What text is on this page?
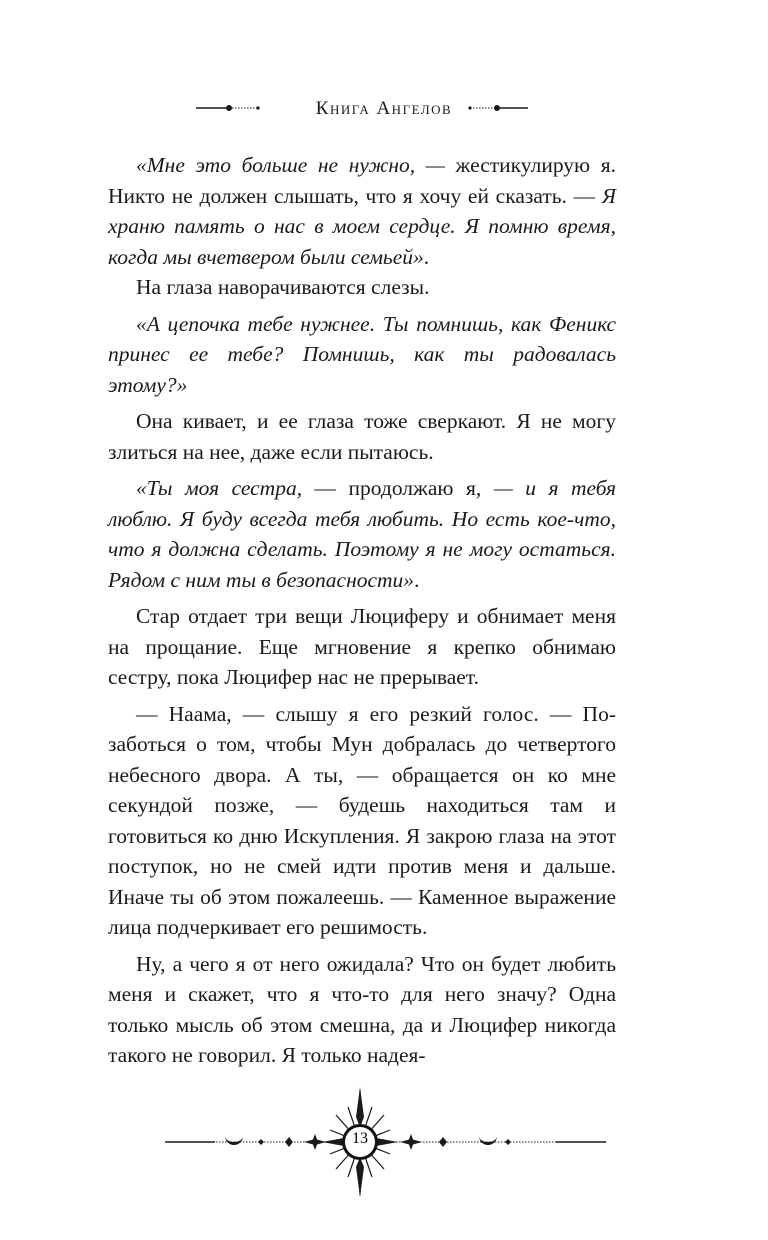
Книга Ангелов

«Мне это больше не нужно, — жестикулирую я. Никто не должен слышать, что я хочу ей сказать. — Я храню память о нас в моем сердце. Я помню время, когда мы вчетвером были семьей».

На глаза наворачиваются слезы.

«А цепочка тебе нужнее. Ты помнишь, как Феникс принес ее тебе? Помнишь, как ты радовалась этому?»

Она кивает, и ее глаза тоже сверкают. Я не могу злиться на нее, даже если пытаюсь.

«Ты моя сестра, — продолжаю я, — и я тебя люблю. Я буду всегда тебя любить. Но есть кое-что, что я должна сделать. Поэтому я не могу остаться. Рядом с ним ты в безопасности».

Стар отдает три вещи Люциферу и обнимает меня на прощание. Еще мгновение я крепко обнимаю сестру, пока Люцифер нас не прерывает.

— Наама, — слышу я его резкий голос. — Позаботься о том, чтобы Мун добралась до четвертого небесного двора. А ты, — обращается он ко мне секундой позже, — будешь находиться там и готовиться ко дню Искупления. Я закрою глаза на этот поступок, но не смей идти против меня и дальше. Иначе ты об этом пожалеешь. — Каменное выражение лица подчеркивает его решимость.

Ну, а чего я от него ожидала? Что он будет любить меня и скажет, что я что-то для него значу? Одна только мысль об этом смешна, да и Люцифер никогда такого не говорил. Я только надея-

13
